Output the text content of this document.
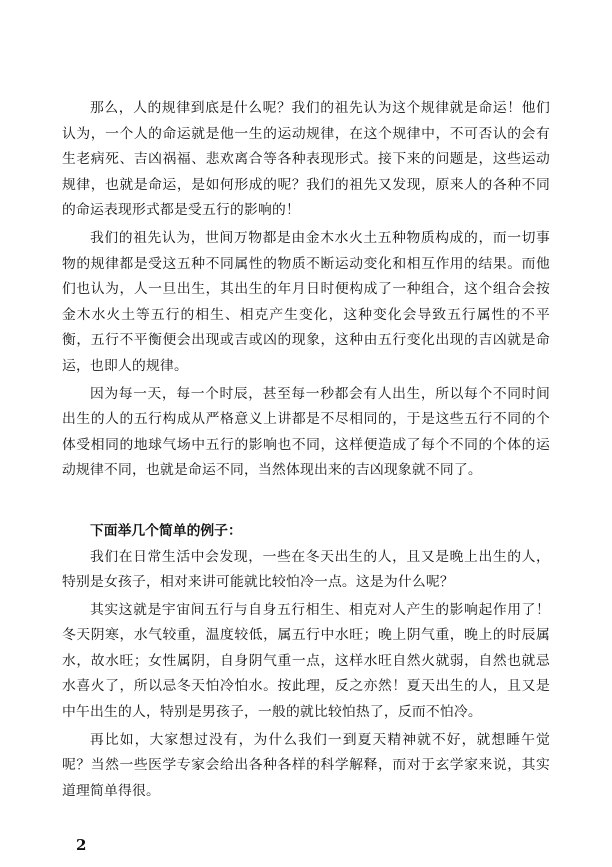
那么，人的规律到底是什么呢？我们的祖先认为这个规律就是命运！他们认为，一个人的命运就是他一生的运动规律，在这个规律中，不可否认的会有生老病死、吉凶祸福、悲欢离合等各种表现形式。接下来的问题是，这些运动规律，也就是命运，是如何形成的呢？我们的祖先又发现，原来人的各种不同的命运表现形式都是受五行的影响的！

我们的祖先认为，世间万物都是由金木水火土五种物质构成的，而一切事物的规律都是受这五种不同属性的物质不断运动变化和相互作用的结果。而他们也认为，人一旦出生，其出生的年月日时便构成了一种组合，这个组合会按金木水火土等五行的相生、相克产生变化，这种变化会导致五行属性的不平衡，五行不平衡便会出现或吉或凶的现象，这种由五行变化出现的吉凶就是命运，也即人的规律。

因为每一天，每一个时辰，甚至每一秒都会有人出生，所以每个不同时间出生的人的五行构成从严格意义上讲都是不尽相同的，于是这些五行不同的个体受相同的地球气场中五行的影响也不同，这样便造成了每个不同的个体的运动规律不同，也就是命运不同，当然体现出来的吉凶现象就不同了。

下面举几个简单的例子：

我们在日常生活中会发现，一些在冬天出生的人，且又是晚上出生的人，特别是女孩子，相对来讲可能就比较怕冷一点。这是为什么呢？

其实这就是宇宙间五行与自身五行相生、相克对人产生的影响起作用了！冬天阴寒，水气较重，温度较低，属五行中水旺；晚上阴气重，晚上的时辰属水，故水旺；女性属阴，自身阴气重一点，这样水旺自然火就弱，自然也就忌水喜火了，所以忌冬天怕冷怕水。按此理，反之亦然！夏天出生的人，且又是中午出生的人，特别是男孩子，一般的就比较怕热了，反而不怕冷。

再比如，大家想过没有，为什么我们一到夏天精神就不好，就想睡午觉呢？当然一些医学专家会给出各种各样的科学解释，而对于玄学家来说，其实道理简单得很。

2
